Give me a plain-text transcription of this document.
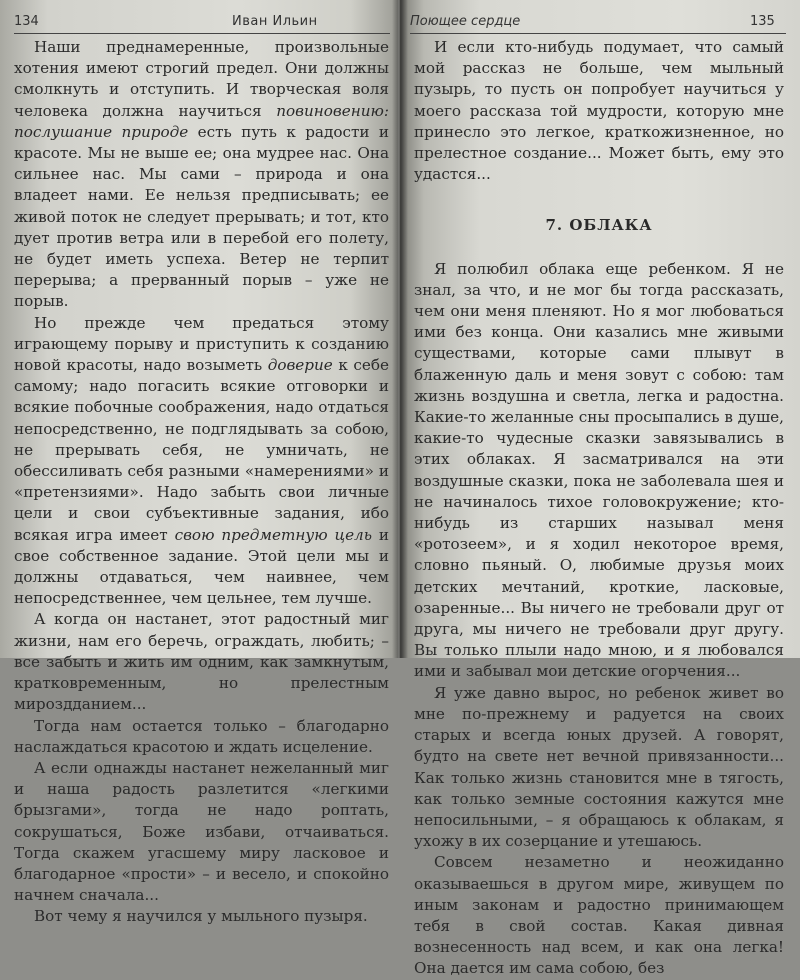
134	Иван Ильин

Наши преднамеренные, произвольные хотения имеют строгий предел. Они должны смолкнуть и отступить. И творческая воля человека должна научиться повиновению: послушание природе есть путь к радости и красоте. Мы не выше ее; она мудрее нас. Она сильнее нас. Мы сами – природа и она владеет нами. Ее нельзя предписывать; ее живой поток не следует прерывать; и тот, кто дует против ветра или в перебой его полету, не будет иметь успеха. Ветер не терпит перерыва; а прерванный порыв – уже не порыв.

Но прежде чем предаться этому играющему порыву и приступить к созданию новой красоты, надо возыметь доверие к себе самому; надо погасить всякие отговорки и всякие побочные соображения, надо отдаться непосредственно, не подглядывать за собою, не прерывать себя, не умничать, не обессиливать себя разными «намерениями» и «претензиями». Надо забыть свои личные цели и свои субъективные задания, ибо всякая игра имеет свою предметную цель и свое собственное задание. Этой цели мы и должны отдаваться, чем наивнее, чем непосредственнее, чем цельнее, тем лучше.

А когда он настанет, этот радостный миг жизни, нам его беречь, ограждать, любить; – все забыть и жить им одним, как замкнутым, кратковременным, но прелестным мироздданием...

Тогда нам остается только – благодарно наслаждаться красотою и ждать исцеление.

А если однажды настанет нежеланный миг и наша радость разлетится «легкими брызгами», тогда не надо роптать, сокрушаться, Боже избави, отчаиваться. Тогда скажем угасшему миру ласковое и благодарное «прости» – и весело, и спокойно начнем сначала...

Вот чему я научился у мыльного пузыря.

Поющее сердце	135

И если кто-нибудь подумает, что самый мой рассказ не больше, чем мыльный пузырь, то пусть он попробует научиться у моего рассказа той мудрости, которую мне принесло это легкое, краткожизненное, но прелестное создание... Может быть, ему это удастся...

7. ОБЛАКА

Я полюбил облака еще ребенком. Я не знал, за что, и не мог бы тогда рассказать, чем они меня пленяют. Но я мог любоваться ими без конца. Они казались мне живыми существами, которые сами плывут в блаженную даль и меня зовут с собою: там жизнь воздушна и светла, легка и радостна. Какие-то желанные сны просыпались в душе, какие-то чудесные сказки завязывались в этих облаках. Я засматривался на эти воздушные сказки, пока не заболевала шея и не начиналось тихое головокружение; кто-нибудь из старших называл меня «ротозеем», и я ходил некоторое время, словно пьяный. О, любимые друзья моих детских мечтаний, кроткие, ласковые, озаренные... Вы ничего не требовали друг от друга, мы ничего не требовали друг другу. Вы только плыли надо мною, и я любовался ими и забывал мои детские огорчения...

Я уже давно вырос, но ребенок живет во мне по-прежнему и радуется на своих старых и всегда юных друзей. А говорят, будто на свете нет вечной привязанности... Как только жизнь становится мне в тягость, как только земные состояния кажутся мне непосильными, – я обращаюсь к облакам, я ухожу в их созерцание и утешаюсь.

Совсем незаметно и неожиданно оказываешься в другом мире, живущем по иным законам и радостно принимающем тебя в свой состав. Какая дивная вознесенность над всем, и как она легка! Она дается им сама собою, без
